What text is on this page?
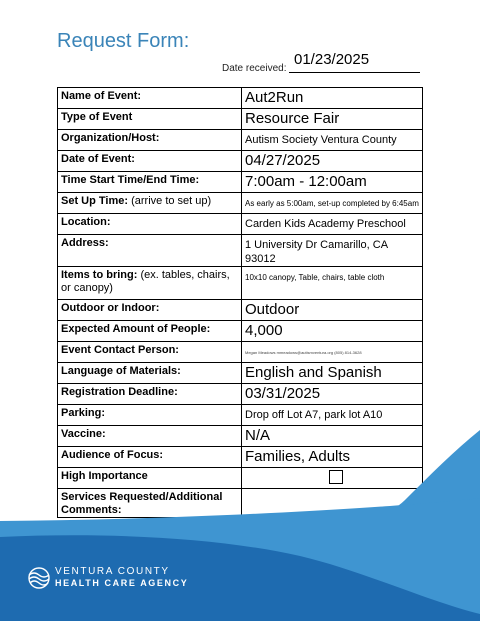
Request Form:
Date received:
01/23/2025
Name of Event:	Aut2Run
Type of Event	Resource Fair
Organization/Host:	Autism Society Ventura County
Date of Event:	04/27/2025
Time Start Time/End Time:	7:00am - 12:00am
Set Up Time: (arrive to set up)	As early as 5:00am, set-up completed by 6:45am
Location:	Carden Kids Academy Preschool
Address:	1 University Dr Camarillo, CA 93012
Items to bring: (ex. tables, chairs, or canopy)	10x10 canopy, Table, chairs, table cloth
Outdoor or Indoor:	Outdoor
Expected Amount of People:	4,000
Event Contact Person:	Megan Meadows mmeadows@autismventura.org (805) 814-3628
Language of Materials:	English and Spanish
Registration Deadline:	03/31/2025
Parking:	Drop off Lot A7, park lot A10
Vaccine:	N/A
Audience of Focus:	Families, Adults
High Importance	

Services Requested/Additional Comments:	
VENTURA COUNTY
HEALTH CARE AGENCY
